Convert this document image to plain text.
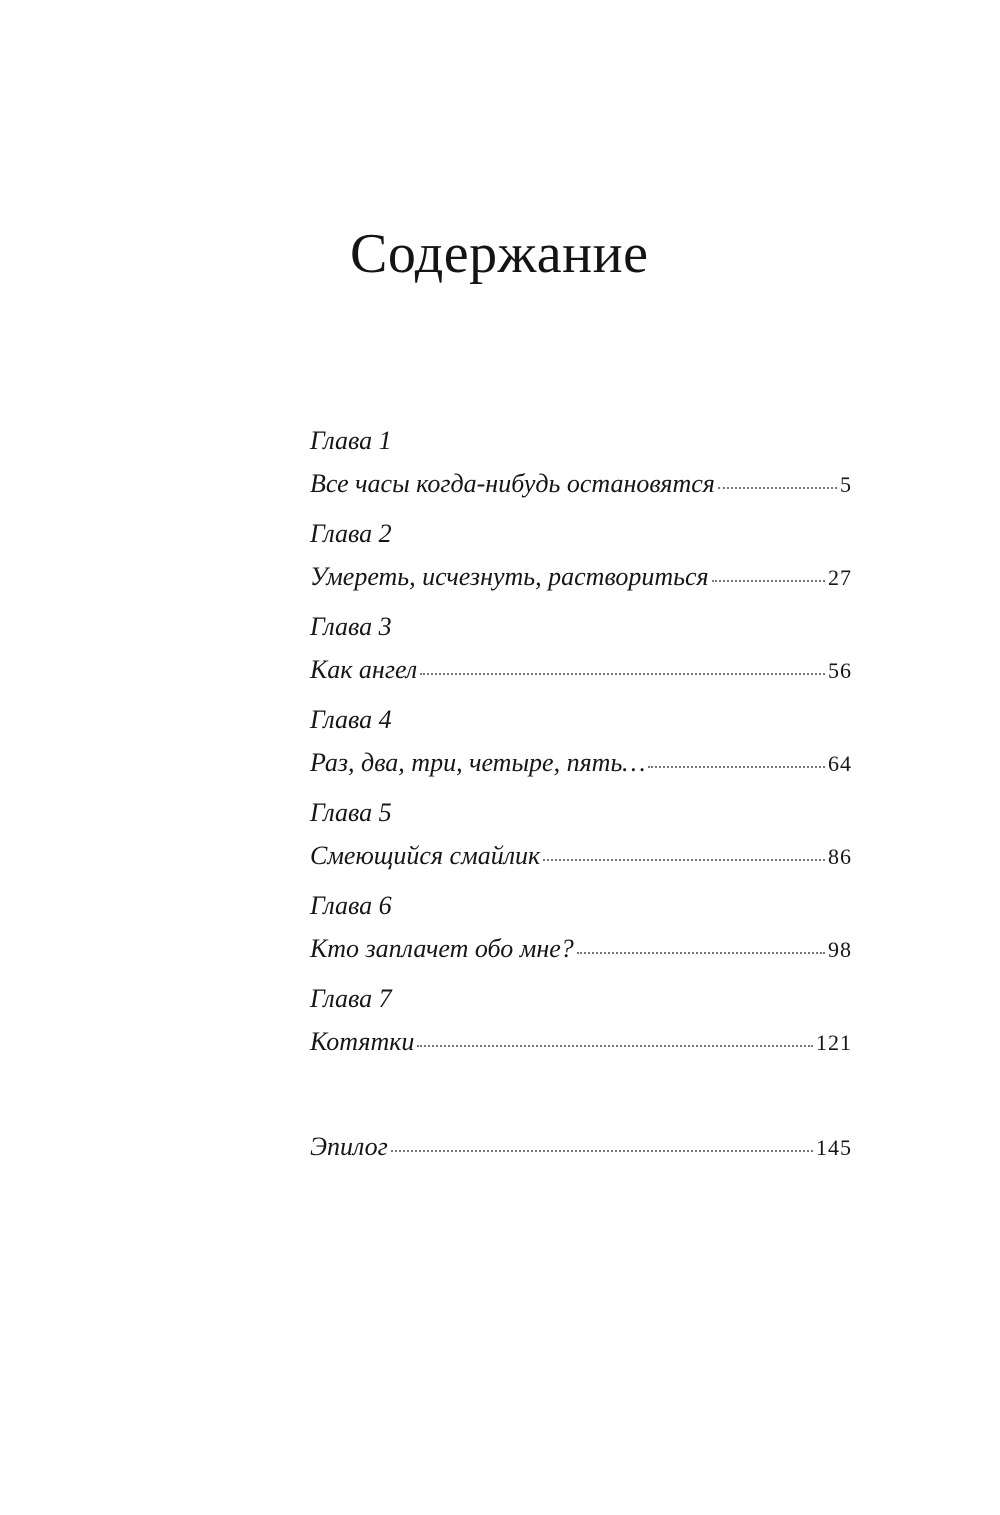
Содержание
Глава 1
Все часы когда-нибудь остановятся	5
Глава 2
Умереть, исчезнуть, раствориться	27
Глава 3
Как ангел	56
Глава 4
Раз, два, три, четыре, пять…	64
Глава 5
Смеющийся смайлик	86
Глава 6
Кто заплачет обо мне?	98
Глава 7
Котятки	121
Эпилог	145
